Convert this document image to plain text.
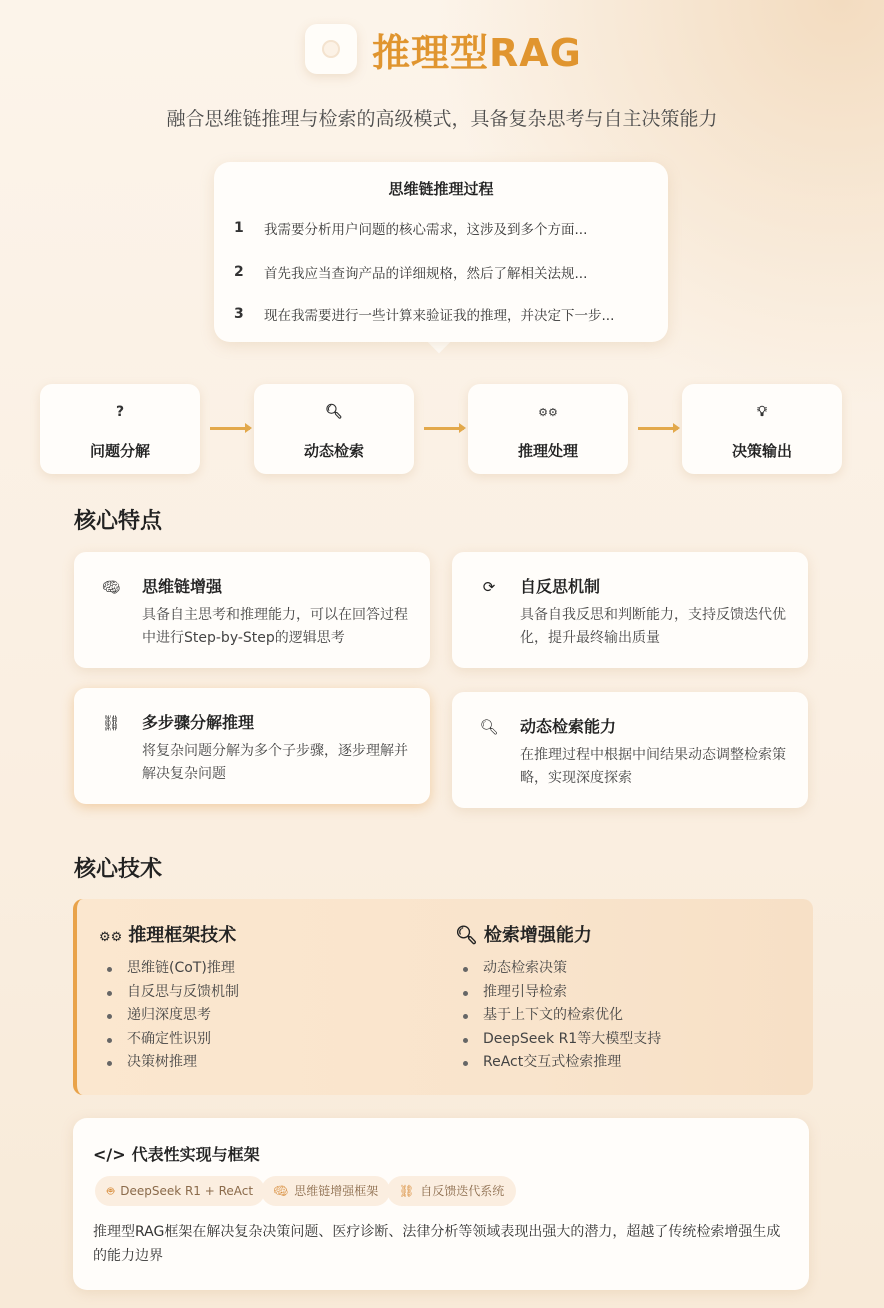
推理型RAG
融合思维链推理与检索的高级模式，具备复杂思考与自主决策能力
思维链推理过程
1 我需要分析用户问题的核心需求，这涉及到多个方面...
2 首先我应当查询产品的详细规格，然后了解相关法规...
3 现在我需要进行一些计算来验证我的推理，并决定下一步...
?
问题分解
🔍︎
动态检索
⚙⚙
推理处理
💡︎
决策输出
核心特点
🧠︎ 思维链增强
具备自主思考和推理能力，可以在回答过程中进行Step-by-Step的逻辑思考
⟳ 自反思机制
具备自我反思和判断能力，支持反馈迭代优化，提升最终输出质量
⛓ 多步骤分解推理
将复杂问题分解为多个子步骤，逐步理解并解决复杂问题
🔍︎ 动态检索能力
在推理过程中根据中间结果动态调整检索策略，实现深度探索
核心技术
⚙⚙ 推理框架技术
思维链(CoT)推理
自反思与反馈机制
递归深度思考
不确定性识别
决策树推理
🔍︎ 检索增强能力
动态检索决策
推理引导检索
基于上下文的检索优化
DeepSeek R1等大模型支持
ReAct交互式检索推理
</> 代表性实现与框架
🤖︎ DeepSeek R1 + ReAct	🧠︎ 思维链增强框架	⛓ 自反馈迭代系统
推理型RAG框架在解决复杂决策问题、医疗诊断、法律分析等领域表现出强大的潜力，超越了传统检索增强生成的能力边界
